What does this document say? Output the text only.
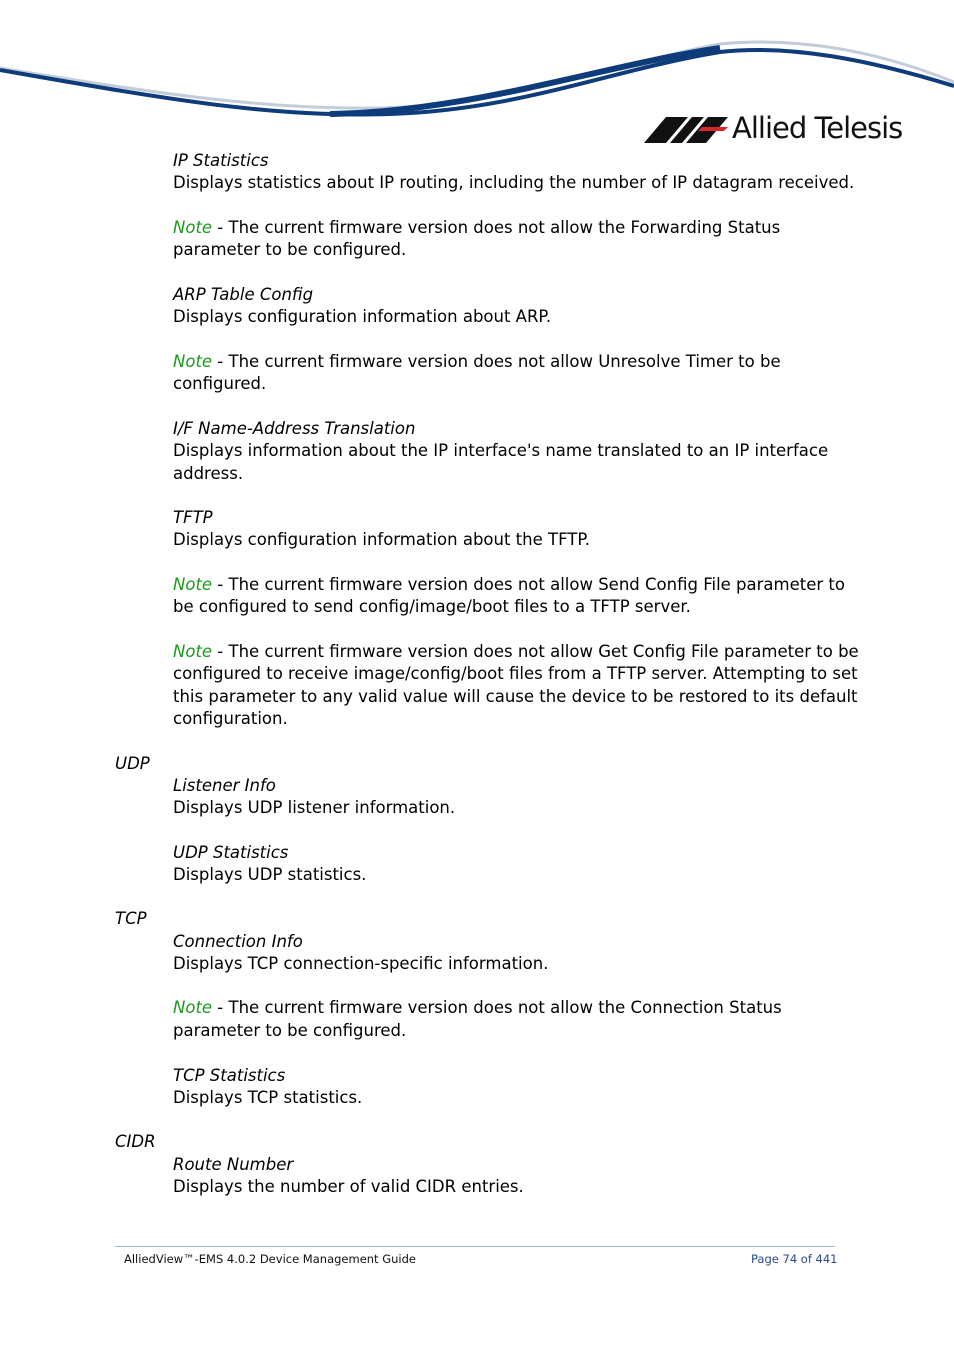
Allied Telesis
IP Statistics
Displays statistics about IP routing, including the number of IP datagram received.
Note - The current firmware version does not allow the Forwarding Status
parameter to be configured.
ARP Table Config
Displays configuration information about ARP.
Note - The current firmware version does not allow Unresolve Timer to be
configured.
I/F Name-Address Translation
Displays information about the IP interface's name translated to an IP interface
address.
TFTP
Displays configuration information about the TFTP.
Note - The current firmware version does not allow Send Config File parameter to
be configured to send config/image/boot files to a TFTP server.
Note - The current firmware version does not allow Get Config File parameter to be
configured to receive image/config/boot files from a TFTP server. Attempting to set
this parameter to any valid value will cause the device to be restored to its default
configuration.
UDP
Listener Info
Displays UDP listener information.
UDP Statistics
Displays UDP statistics.
TCP
Connection Info
Displays TCP connection-specific information.
Note - The current firmware version does not allow the Connection Status
parameter to be configured.
TCP Statistics
Displays TCP statistics.
CIDR
Route Number
Displays the number of valid CIDR entries.
AlliedView™-EMS 4.0.2 Device Management Guide	Page 74 of 441
